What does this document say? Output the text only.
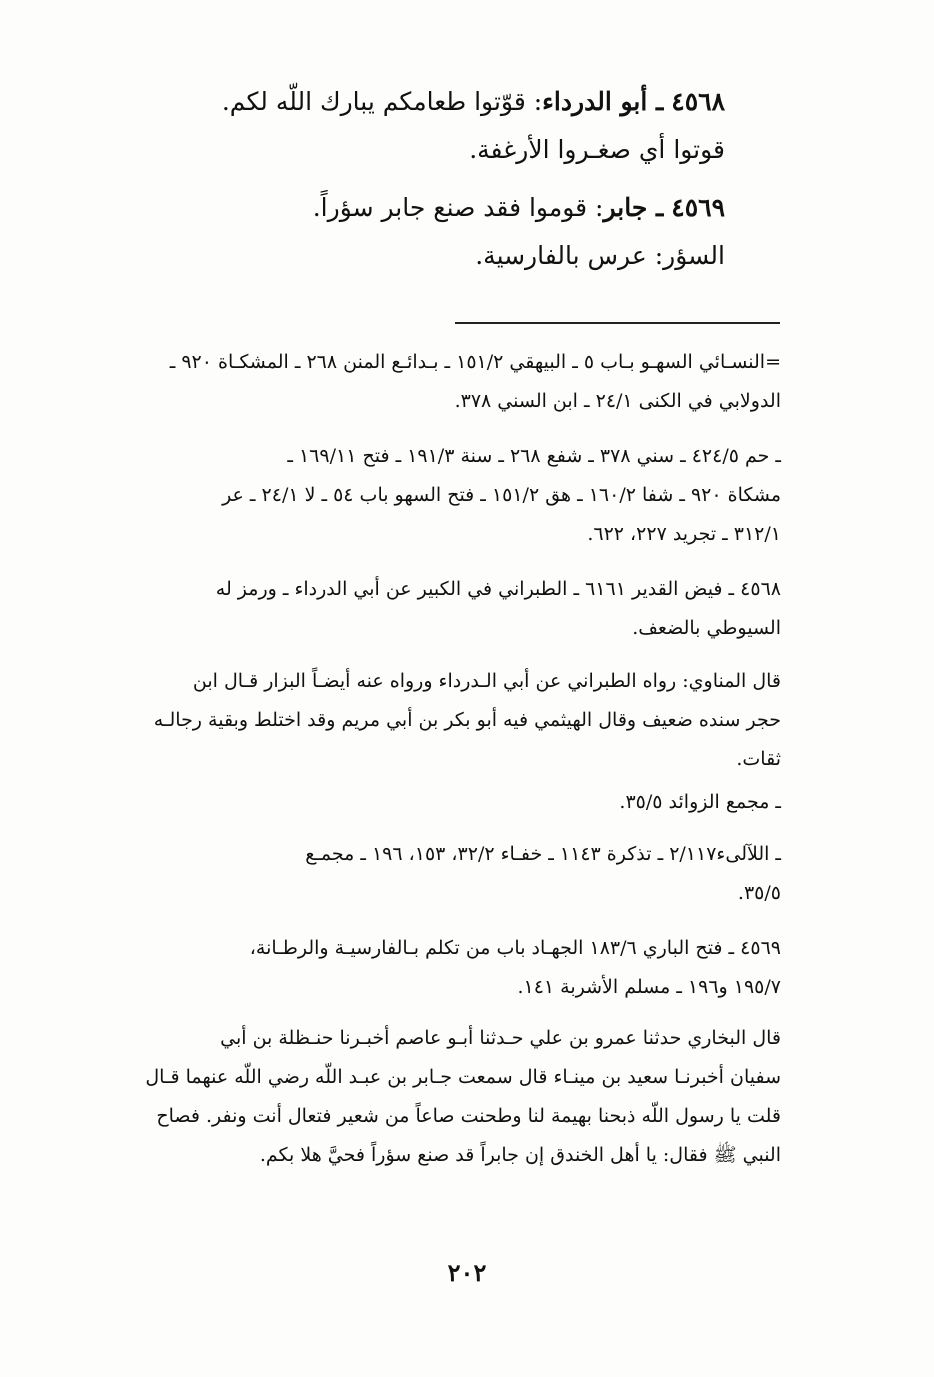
٤٥٦٨ ـ أبو الدرداء: قوّتوا طعامكم يبارك اللّه لكم.
قوتوا أي صغـروا الأرغفة.
٤٥٦٩ ـ جابر: قوموا فقد صنع جابر سؤراً.
السؤر: عرس بالفارسية.
=النسـائي السهـو بـاب ٥ ـ البيهقي ١٥١/٢ ـ بـدائـع المنن ٢٦٨ ـ المشكـاة ٩٢٠ ـ
الدولابي في الكنى ٢٤/١ ـ ابن السني ٣٧٨.
ـ حم ٤٢٤/٥ ـ سني ٣٧٨ ـ شفع ٢٦٨ ـ سنة ١٩١/٣ ـ فتح ١٦٩/١١ ـ
مشكاة ٩٢٠ ـ شفا ١٦٠/٢ ـ هق ١٥١/٢ ـ فتح السهو باب ٥٤ ـ لا ٢٤/١ ـ عر
٣١٢/١ ـ تجريد ٢٢٧، ٦٢٢.
٤٥٦٨ ـ فيض القدير ٦١٦١ ـ الطبراني في الكبير عن أبي الدرداء ـ ورمز له
السيوطي بالضعف.
قال المناوي: رواه الطبراني عن أبي الـدرداء ورواه عنه أيضـاً البزار قـال ابن
حجر سنده ضعيف وقال الهيثمي فيه أبو بكر بن أبي مريم وقد اختلط وبقية رجالـه
ثقات.
ـ مجمع الزوائد ٣٥/٥.
ـ اللآلىء٢/١١٧ ـ تذكرة ١١٤٣ ـ خفـاء ٣٢/٢، ١٥٣، ١٩٦ ـ مجمـع
٣٥/٥.
٤٥٦٩ ـ فتح الباري ١٨٣/٦ الجهـاد باب من تكلم بـالفارسيـة والرطـانة،
١٩٥/٧ و١٩٦ ـ مسلم الأشربة ١٤١.
قال البخاري حدثنا عمرو بن علي حـدثنا أبـو عاصم أخبـرنا حنـظلة بن أبي
سفيان أخبرنـا سعيد بن مينـاء قال سمعت جـابر بن عبـد اللّه رضي اللّه عنهما قـال
قلت يا رسول اللّه ذبحنا بهيمة لنا وطحنت صاعاً من شعير فتعال أنت ونفر. فصاح
النبي ﷺ فقال: يا أهل الخندق إن جابراً قد صنع سؤراً فحيَّ هلا بكم.
٢٠٢
